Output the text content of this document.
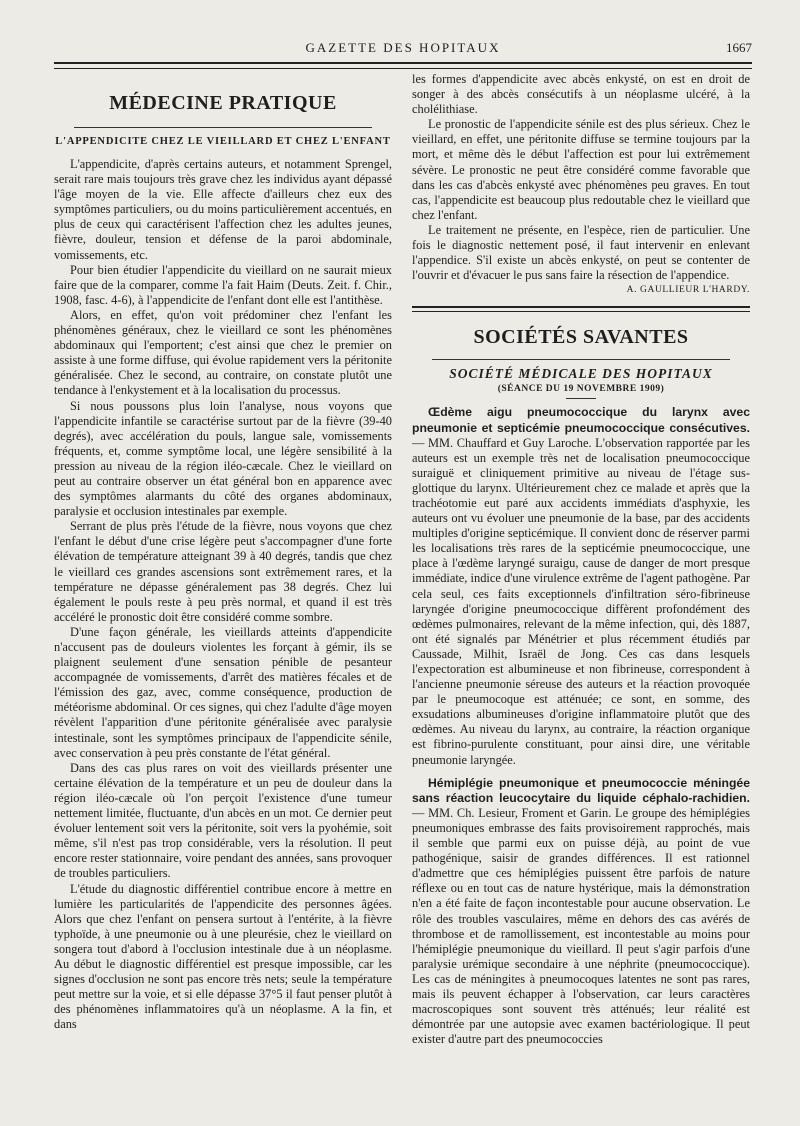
GAZETTE DES HOPITAUX	1667
MÉDECINE PRATIQUE
L'APPENDICITE CHEZ LE VIEILLARD ET CHEZ L'ENFANT

L'appendicite, d'après certains auteurs, et notamment Sprengel, serait rare mais toujours très grave chez les individus ayant dépassé l'âge moyen de la vie. Elle affecte d'ailleurs chez eux des symptômes particuliers, ou du moins particulièrement accentués, en plus de ceux qui caractérisent l'affection chez les adultes jeunes, fièvre, douleur, tension et défense de la paroi abdominale, vomissements, etc.

Pour bien étudier l'appendicite du vieillard on ne saurait mieux faire que de la comparer, comme l'a fait Haim (Deuts. Zeit. f. Chir., 1908, fasc. 4-6), à l'appendicite de l'enfant dont elle est l'antithèse.

Alors, en effet, qu'on voit prédominer chez l'enfant les phénomènes généraux, chez le vieillard ce sont les phénomènes abdominaux qui l'emportent; c'est ainsi que chez le premier on assiste à une forme diffuse, qui évolue rapidement vers la péritonite généralisée. Chez le second, au contraire, on constate plutôt une tendance à l'enkystement et à la localisation du processus.

Si nous poussons plus loin l'analyse, nous voyons que l'appendicite infantile se caractérise surtout par de la fièvre (39-40 degrés), avec accélération du pouls, langue sale, vomissements fréquents, et, comme symptôme local, une légère sensibilité à la pression au niveau de la région iléo-cæcale. Chez le vieillard on peut au contraire observer un état général bon en apparence avec des symptômes alarmants du côté des organes abdominaux, paralysie et occlusion intestinales par exemple.

Serrant de plus près l'étude de la fièvre, nous voyons que chez l'enfant le début d'une crise légère peut s'accompagner d'une forte élévation de température atteignant 39 à 40 degrés, tandis que chez le vieillard ces grandes ascensions sont extrêmement rares, et la température ne dépasse généralement pas 38 degrés. Chez lui également le pouls reste à peu près normal, et quand il est très accéléré le pronostic doit être considéré comme sombre.

D'une façon générale, les vieillards atteints d'appendicite n'accusent pas de douleurs violentes les forçant à gémir, ils se plaignent seulement d'une sensation pénible de pesanteur accompagnée de vomissements, d'arrêt des matières fécales et de l'émission des gaz, avec, comme conséquence, production de météorisme abdominal. Or ces signes, qui chez l'adulte d'âge moyen révèlent l'apparition d'une péritonite généralisée avec paralysie intestinale, sont les symptômes principaux de l'appendicite sénile, avec conservation à peu près constante de l'état général.

Dans des cas plus rares on voit des vieillards présenter une certaine élévation de la température et un peu de douleur dans la région iléo-cæcale où l'on perçoit l'existence d'une tumeur nettement limitée, fluctuante, d'un abcès en un mot. Ce dernier peut évoluer lentement soit vers la péritonite, soit vers la pyohémie, soit même, s'il n'est pas trop considérable, vers la résolution. Il peut encore rester stationnaire, voire pendant des années, sans provoquer de troubles particuliers.

L'étude du diagnostic différentiel contribue encore à mettre en lumière les particularités de l'appendicite des personnes âgées. Alors que chez l'enfant on pensera surtout à l'entérite, à la fièvre typhoïde, à une pneumonie ou à une pleurésie, chez le vieillard on songera tout d'abord à l'occlusion intestinale due à un néoplasme. Au début le diagnostic différentiel est presque impossible, car les signes d'occlusion ne sont pas encore très nets; seule la température peut mettre sur la voie, et si elle dépasse 37°5 il faut penser plutôt à des phénomènes inflammatoires qu'à un néoplasme. A la fin, et dans

les formes d'appendicite avec abcès enkysté, on est en droit de songer à des abcès consécutifs à un néoplasme ulcéré, à la cholélithiase.

Le pronostic de l'appendicite sénile est des plus sérieux. Chez le vieillard, en effet, une péritonite diffuse se termine toujours par la mort, et même dès le début l'affection est pour lui extrêmement sévère. Le pronostic ne peut être considéré comme favorable que dans les cas d'abcès enkysté avec phénomènes peu graves. En tout cas, l'appendicite est beaucoup plus redoutable chez le vieillard que chez l'enfant.

Le traitement ne présente, en l'espèce, rien de particulier. Une fois le diagnostic nettement posé, il faut intervenir en enlevant l'appendice. S'il existe un abcès enkysté, on peut se contenter de l'ouvrir et d'évacuer le pus sans faire la résection de l'appendice.
A. GAULLIEUR L'HARDY.

SOCIÉTÉS SAVANTES
SOCIÉTÉ MÉDICALE DES HOPITAUX
(SÉANCE DU 19 NOVEMBRE 1909)

Œdème aigu pneumococcique du larynx avec pneumonie et septicémie pneumococcique consécutives. — MM. Chauffard et Guy Laroche. L'observation rapportée par les auteurs est un exemple très net de localisation pneumococcique suraiguë et cliniquement primitive au niveau de l'étage sus-glottique du larynx. Ultérieurement chez ce malade et après que la trachéotomie eut paré aux accidents immédiats d'asphyxie, les auteurs ont vu évoluer une pneumonie de la base, par des accidents multiples d'origine septicémique. Il convient donc de réserver parmi les localisations très rares de la septicémie pneumococcique, une place à l'œdème laryngé suraigu, cause de danger de mort presque immédiate, indice d'une virulence extrême de l'agent pathogène. Par cela seul, ces faits exceptionnels d'infiltration séro-fibrineuse laryngée d'origine pneumococcique diffèrent profondément des œdèmes pulmonaires, relevant de la même infection, qui, dès 1887, ont été signalés par Ménétrier et plus récemment étudiés par Caussade, Milhit, Israël de Jong. Ces cas dans lesquels l'expectoration est albumineuse et non fibrineuse, correspondent à l'ancienne pneumonie séreuse des auteurs et la réaction provoquée par le pneumocoque est atténuée; ce sont, en somme, des exsudations albumineuses d'origine inflammatoire plutôt que des œdèmes. Au niveau du larynx, au contraire, la réaction organique est fibrino-purulente constituant, pour ainsi dire, une véritable pneumonie laryngée.

Hémiplégie pneumonique et pneumococcie méningée sans réaction leucocytaire du liquide céphalo-rachidien. — MM. Ch. Lesieur, Froment et Garin. Le groupe des hémiplégies pneumoniques embrasse des faits provisoirement rapprochés, mais il semble que parmi eux on puisse déjà, au point de vue pathogénique, saisir de grandes différences. Il est rationnel d'admettre que ces hémiplégies puissent être parfois de nature réflexe ou en tout cas de nature hystérique, mais la démonstration n'en a été faite de façon incontestable pour aucune observation. Le rôle des troubles vasculaires, même en dehors des cas avérés de thrombose et de ramollissement, est incontestable au moins pour l'hémiplégie pneumonique du vieillard. Il peut s'agir parfois d'une paralysie urémique secondaire à une néphrite (pneumococcique). Les cas de méningites à pneumocoques latentes ne sont pas rares, mais ils peuvent échapper à l'observation, car leurs caractères macroscopiques sont souvent très atténués; leur réalité est démontrée par une autopsie avec examen bactériologique. Il peut exister d'autre part des pneumococcies
